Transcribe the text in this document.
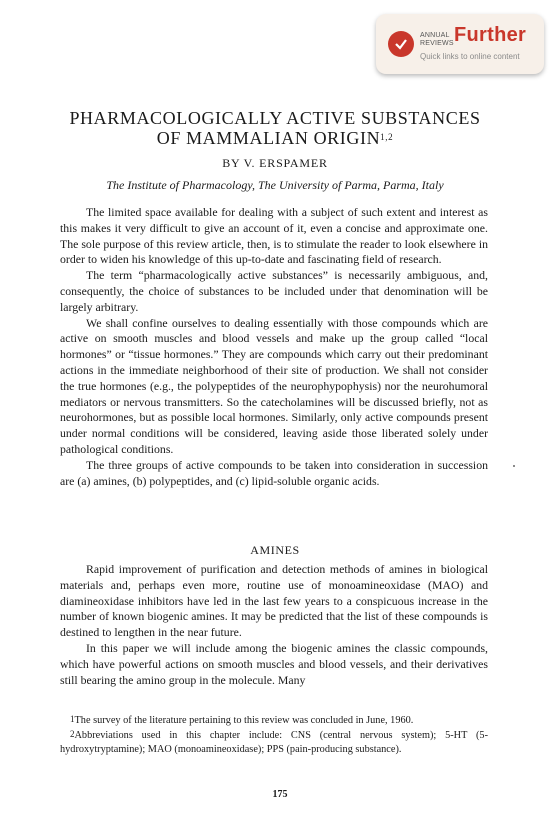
ANNUAL
REVIEWS Further
Quick links to online content
PHARMACOLOGICALLY ACTIVE SUBSTANCES
OF MAMMALIAN ORIGIN$^{1,2}$
BY V. ERSPAMER
The Institute of Pharmacology, The University of Parma, Parma, Italy

The limited space available for dealing with a subject of such extent and interest as this makes it very difficult to give an account of it, even a concise and approximate one. The sole purpose of this review article, then, is to stimulate the reader to look elsewhere in order to widen his knowledge of this up-to-date and fascinating field of research.

The term “pharmacologically active substances” is necessarily ambiguous, and, consequently, the choice of substances to be included under that denomination will be largely arbitrary.

We shall confine ourselves to dealing essentially with those compounds which are active on smooth muscles and blood vessels and make up the group called “local hormones” or “tissue hormones.” They are compounds which carry out their predominant actions in the immediate neighborhood of their site of production. We shall not consider the true hormones (e.g., the polypeptides of the neurophypophysis) nor the neurohumoral mediators or nervous transmitters. So the catecholamines will be discussed briefly, not as neurohormones, but as possible local hormones. Similarly, only active compounds present under normal conditions will be considered, leaving aside those liberated solely under pathological conditions.

The three groups of active compounds to be taken into consideration in succession are (a) amines, (b) polypeptides, and (c) lipid-soluble organic acids.

AMINES

Rapid improvement of purification and detection methods of amines in biological materials and, perhaps even more, routine use of monoamineoxidase (MAO) and diamineoxidase inhibitors have led in the last few years to a conspicuous increase in the number of known biogenic amines. It may be predicted that the list of these compounds is destined to lengthen in the near future.

In this paper we will include among the biogenic amines the classic compounds, which have powerful actions on smooth muscles and blood vessels, and their derivatives still bearing the amino group in the molecule. Many

$^1$The survey of the literature pertaining to this review was concluded in June, 1960.

$^2$Abbreviations used in this chapter include: CNS (central nervous system); 5-HT (5-hydroxytryptamine); MAO (monoamineoxidase); PPS (pain-producing substance).

175
